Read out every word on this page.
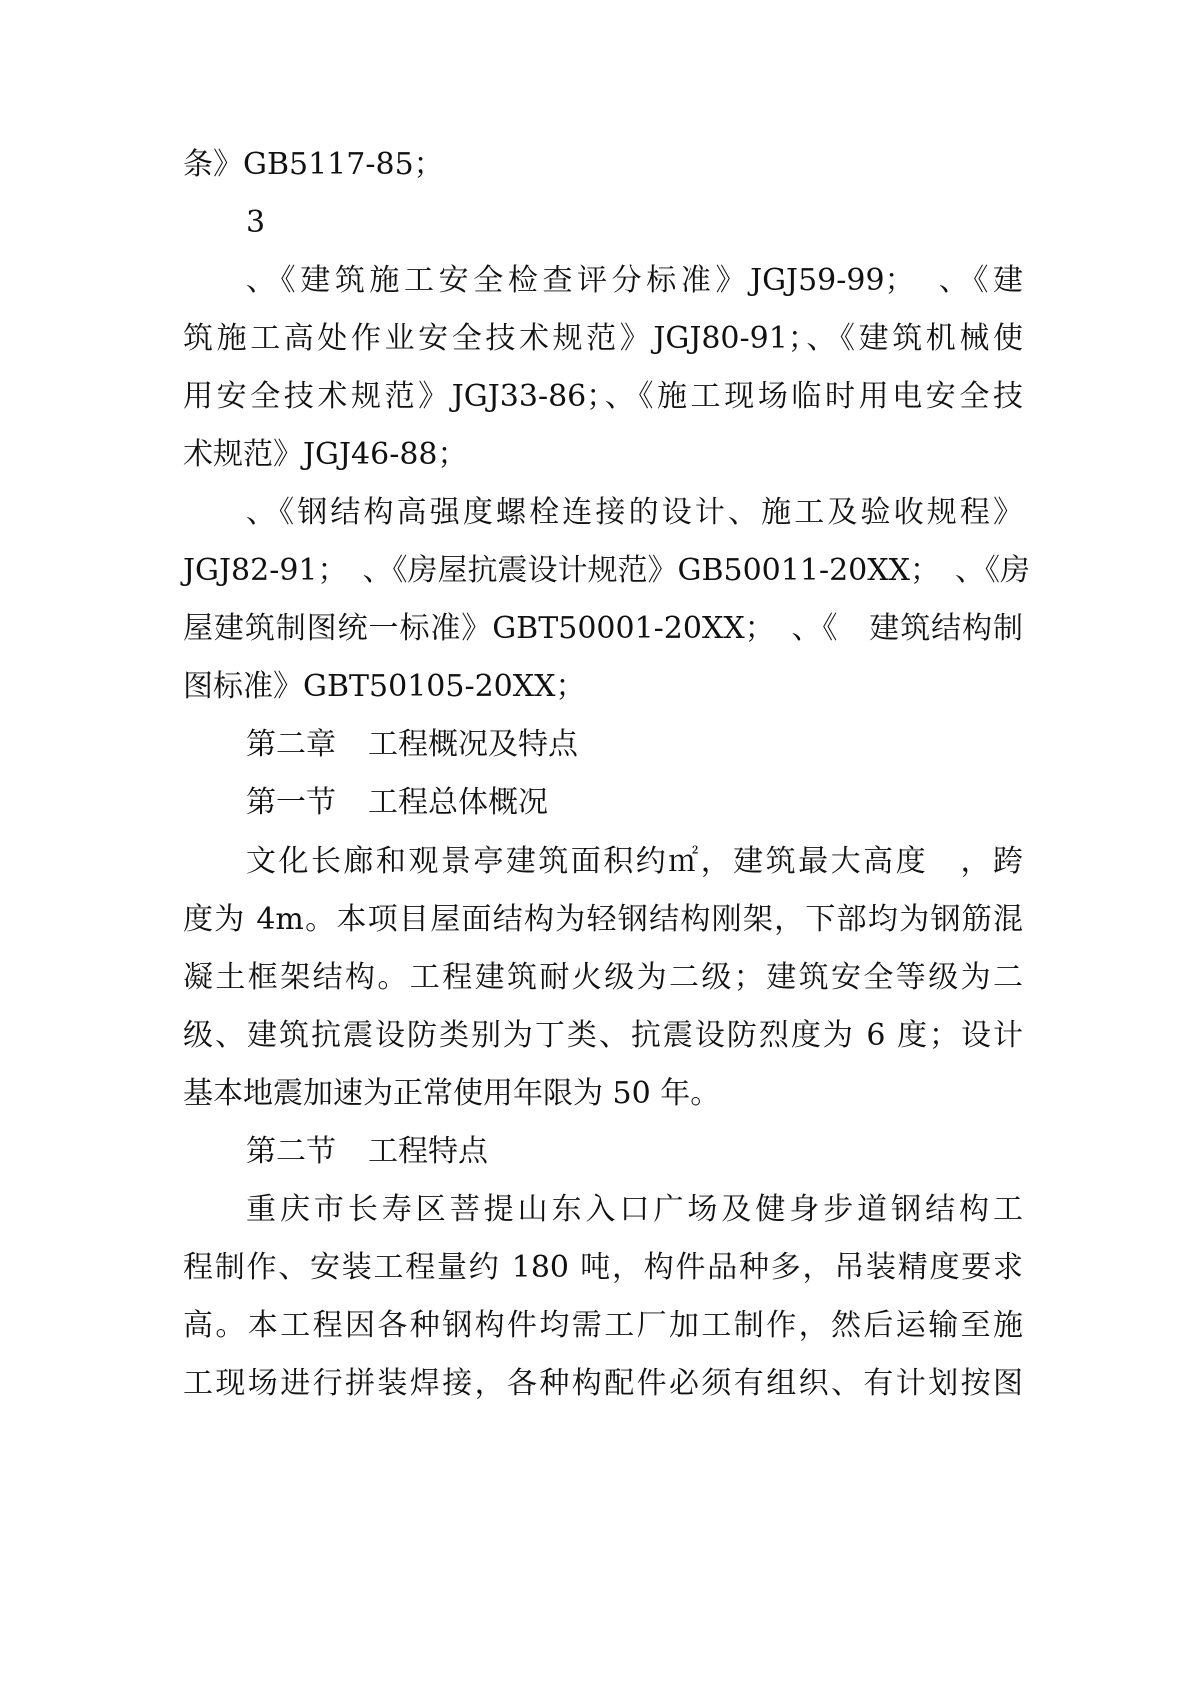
条》GB5117-85；
3
、《建筑施工安全检查评分标准》JGJ59-99；　、《建
筑施工高处作业安全技术规范》JGJ80-91；、《建筑机械使
用安全技术规范》JGJ33-86；、《施工现场临时用电安全技
术规范》JGJ46-88；
、《钢结构高强度螺栓连接的设计、施工及验收规程》
JGJ82-91；　、《房屋抗震设计规范》GB50011-20XX；　、《房
屋建筑制图统一标准》GBT50001-20XX；　、《　建筑结构制
图标准》GBT50105-20XX；
第二章 工程概况及特点
第一节 工程总体概况
文化长廊和观景亭建筑面积约㎡，建筑最大高度　，跨
度为 4m。本项目屋面结构为轻钢结构刚架，下部均为钢筋混
凝土框架结构。工程建筑耐火级为二级；建筑安全等级为二
级、建筑抗震设防类别为丁类、抗震设防烈度为 6 度；设计
基本地震加速为正常使用年限为 50 年。
第二节 工程特点
重庆市长寿区菩提山东入口广场及健身步道钢结构工
程制作、安装工程量约 180 吨，构件品种多，吊装精度要求
高。本工程因各种钢构件均需工厂加工制作，然后运输至施
工现场进行拼装焊接，各种构配件必须有组织、有计划按图
